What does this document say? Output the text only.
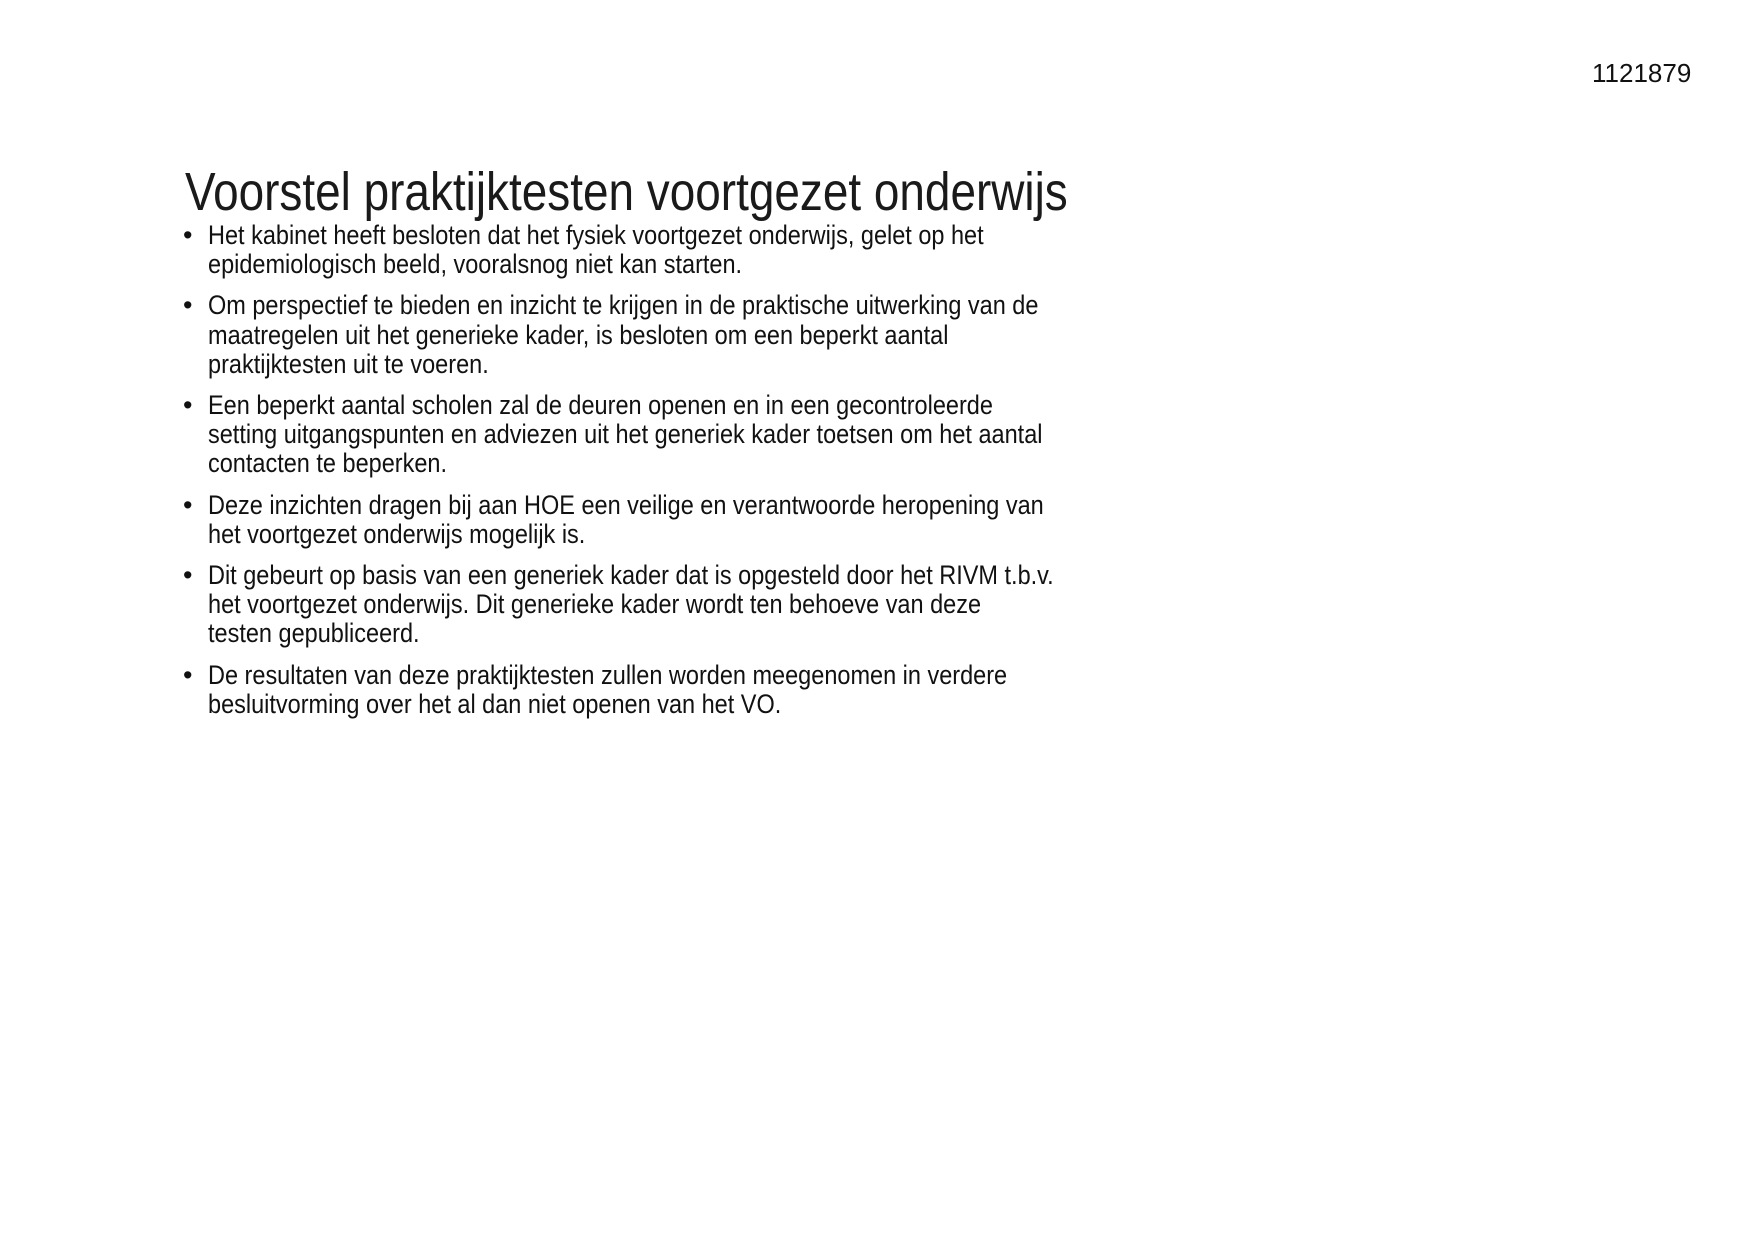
1121879
Voorstel praktijktesten voortgezet onderwijs
• Het kabinet heeft besloten dat het fysiek voortgezet onderwijs, gelet op het
epidemiologisch beeld, vooralsnog niet kan starten.
• Om perspectief te bieden en inzicht te krijgen in de praktische uitwerking van de
maatregelen uit het generieke kader, is besloten om een beperkt aantal
praktijktesten uit te voeren.
• Een beperkt aantal scholen zal de deuren openen en in een gecontroleerde
setting uitgangspunten en adviezen uit het generiek kader toetsen om het aantal
contacten te beperken.
• Deze inzichten dragen bij aan HOE een veilige en verantwoorde heropening van
het voortgezet onderwijs mogelijk is.
• Dit gebeurt op basis van een generiek kader dat is opgesteld door het RIVM t.b.v.
het voortgezet onderwijs. Dit generieke kader wordt ten behoeve van deze
testen gepubliceerd.
• De resultaten van deze praktijktesten zullen worden meegenomen in verdere
besluitvorming over het al dan niet openen van het VO.
